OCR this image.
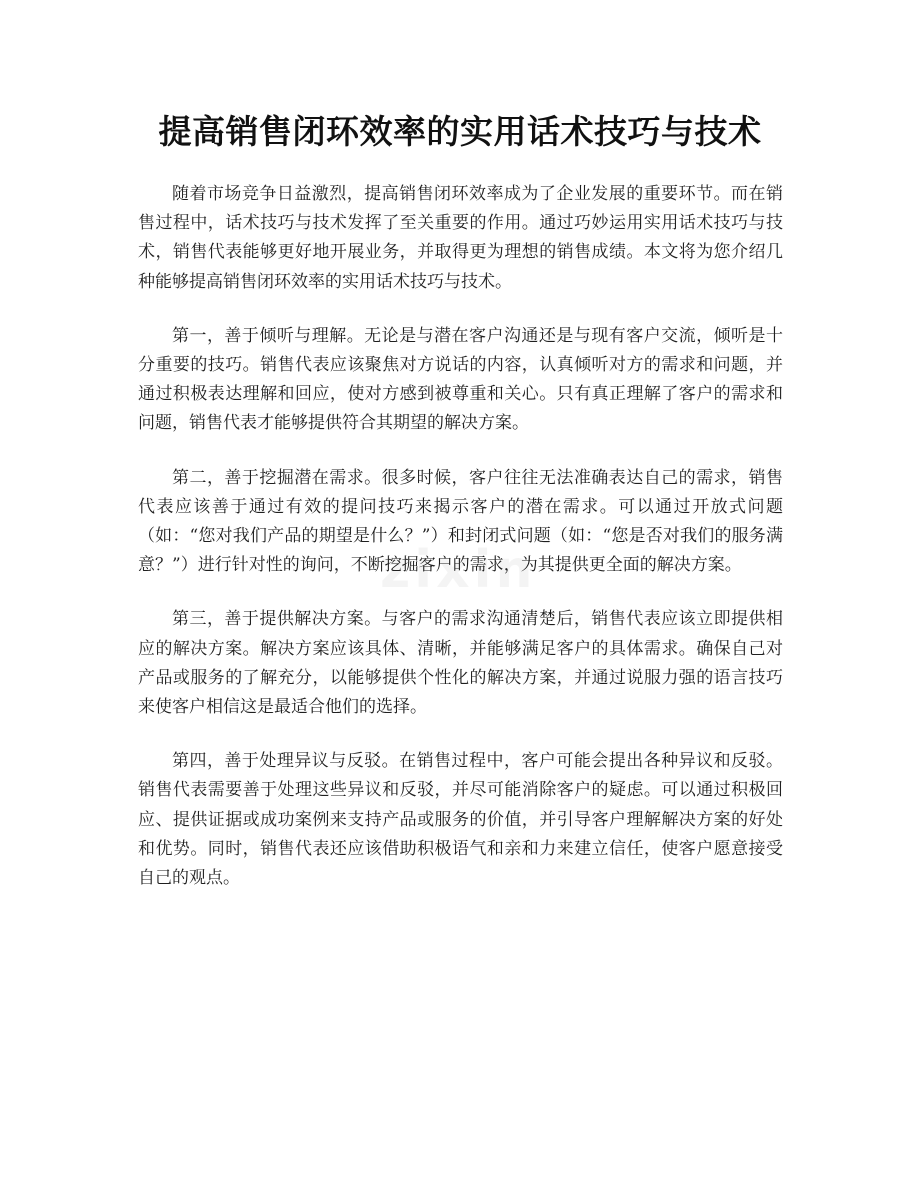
提高销售闭环效率的实用话术技巧与技术

随着市场竞争日益激烈，提高销售闭环效率成为了企业发展的重要环节。而在销售过程中，话术技巧与技术发挥了至关重要的作用。通过巧妙运用实用话术技巧与技术，销售代表能够更好地开展业务，并取得更为理想的销售成绩。本文将为您介绍几种能够提高销售闭环效率的实用话术技巧与技术。

第一，善于倾听与理解。无论是与潜在客户沟通还是与现有客户交流，倾听是十分重要的技巧。销售代表应该聚焦对方说话的内容，认真倾听对方的需求和问题，并通过积极表达理解和回应，使对方感到被尊重和关心。只有真正理解了客户的需求和问题，销售代表才能够提供符合其期望的解决方案。

第二，善于挖掘潜在需求。很多时候，客户往往无法准确表达自己的需求，销售代表应该善于通过有效的提问技巧来揭示客户的潜在需求。可以通过开放式问题（如：“您对我们产品的期望是什么？”）和封闭式问题（如：“您是否对我们的服务满意？”）进行针对性的询问，不断挖掘客户的需求，为其提供更全面的解决方案。

第三，善于提供解决方案。与客户的需求沟通清楚后，销售代表应该立即提供相应的解决方案。解决方案应该具体、清晰，并能够满足客户的具体需求。确保自己对产品或服务的了解充分，以能够提供个性化的解决方案，并通过说服力强的语言技巧来使客户相信这是最适合他们的选择。

第四，善于处理异议与反驳。在销售过程中，客户可能会提出各种异议和反驳。销售代表需要善于处理这些异议和反驳，并尽可能消除客户的疑虑。可以通过积极回应、提供证据或成功案例来支持产品或服务的价值，并引导客户理解解决方案的好处和优势。同时，销售代表还应该借助积极语气和亲和力来建立信任，使客户愿意接受自己的观点。
